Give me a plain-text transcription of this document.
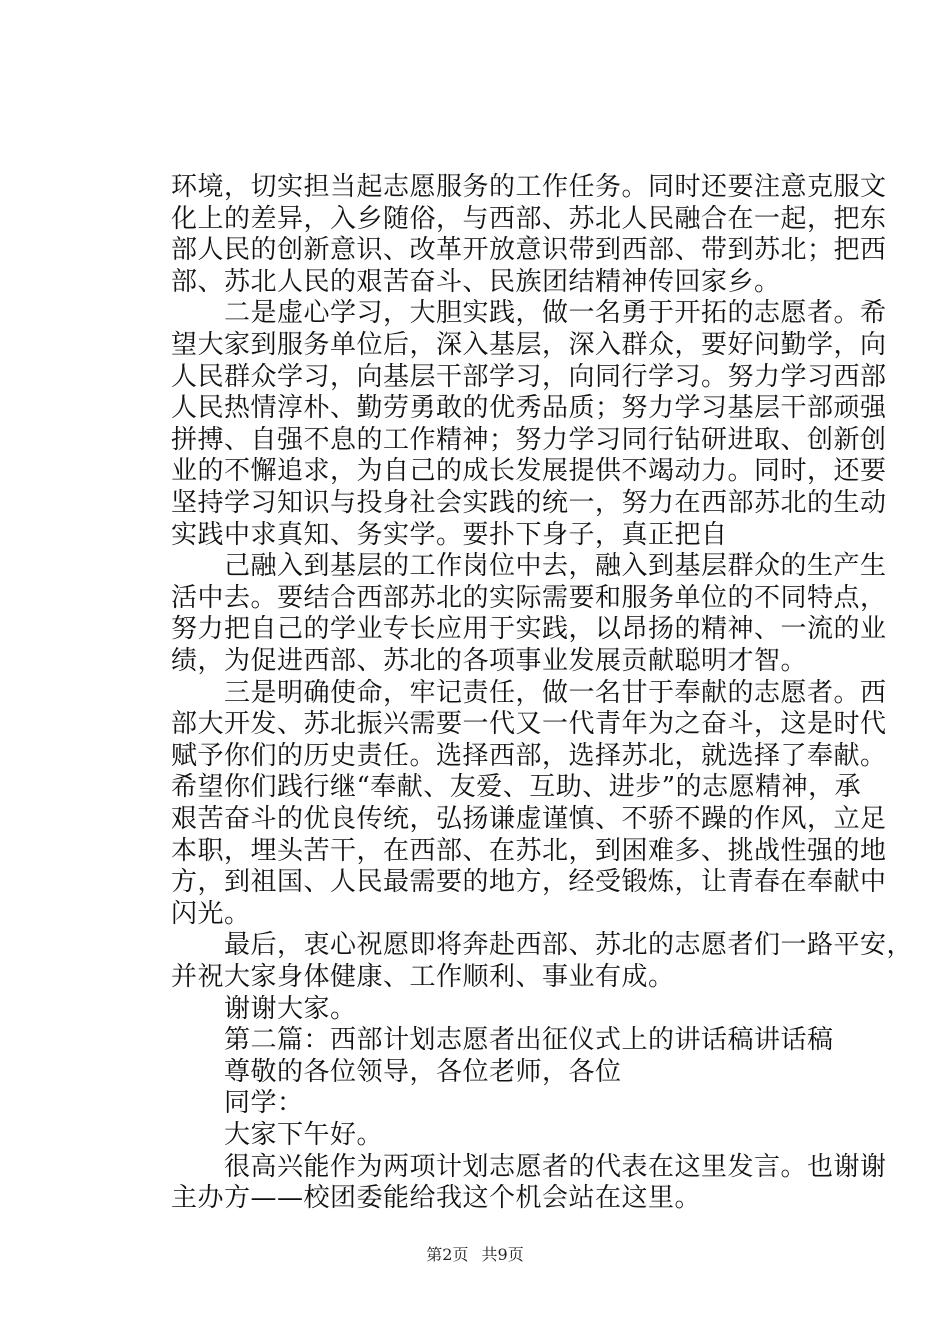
环境，切实担当起志愿服务的工作任务。同时还要注意克服文
化上的差异，入乡随俗，与西部、苏北人民融合在一起，把东
部人民的创新意识、改革开放意识带到西部、带到苏北；把西
部、苏北人民的艰苦奋斗、民族团结精神传回家乡。
二是虚心学习，大胆实践，做一名勇于开拓的志愿者。希
望大家到服务单位后，深入基层，深入群众，要好问勤学，向
人民群众学习，向基层干部学习，向同行学习。努力学习西部
人民热情淳朴、勤劳勇敢的优秀品质；努力学习基层干部顽强
拼搏、自强不息的工作精神；努力学习同行钻研进取、创新创
业的不懈追求，为自己的成长发展提供不竭动力。同时，还要
坚持学习知识与投身社会实践的统一，努力在西部苏北的生动
实践中求真知、务实学。要扑下身子，真正把自
己融入到基层的工作岗位中去，融入到基层群众的生产生
活中去。要结合西部苏北的实际需要和服务单位的不同特点，
努力把自己的学业专长应用于实践，以昂扬的精神、一流的业
绩，为促进西部、苏北的各项事业发展贡献聪明才智。
三是明确使命，牢记责任，做一名甘于奉献的志愿者。西
部大开发、苏北振兴需要一代又一代青年为之奋斗，这是时代
赋予你们的历史责任。选择西部，选择苏北，就选择了奉献。
希望你们践行继“奉献、友爱、互助、进步”的志愿精神，承
艰苦奋斗的优良传统，弘扬谦虚谨慎、不骄不躁的作风，立足
本职，埋头苦干，在西部、在苏北，到困难多、挑战性强的地
方，到祖国、人民最需要的地方，经受锻炼，让青春在奉献中
闪光。
最后，衷心祝愿即将奔赴西部、苏北的志愿者们一路平安，
并祝大家身体健康、工作顺利、事业有成。
谢谢大家。
第二篇：西部计划志愿者出征仪式上的讲话稿讲话稿
尊敬的各位领导，各位老师，各位
同学：
大家下午好。
很高兴能作为两项计划志愿者的代表在这里发言。也谢谢
主办方——校团委能给我这个机会站在这里。
第2页 共9页
